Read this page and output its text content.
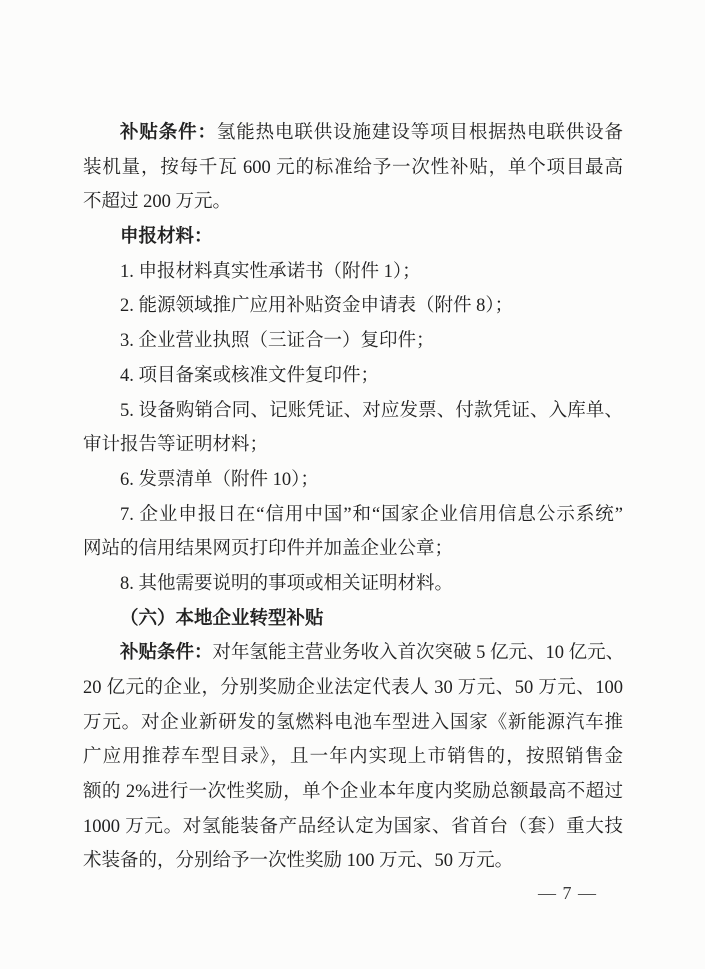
补贴条件：氢能热电联供设施建设等项目根据热电联供设备
装机量，按每千瓦 600 元的标准给予一次性补贴，单个项目最高
不超过 200 万元。
申报材料：
1. 申报材料真实性承诺书（附件 1）；
2. 能源领域推广应用补贴资金申请表（附件 8）；
3. 企业营业执照（三证合一）复印件；
4. 项目备案或核准文件复印件；
5. 设备购销合同、记账凭证、对应发票、付款凭证、入库单、
审计报告等证明材料；
6. 发票清单（附件 10）；
7. 企业申报日在“信用中国”和“国家企业信用信息公示系统”
网站的信用结果网页打印件并加盖企业公章；
8. 其他需要说明的事项或相关证明材料。
（六）本地企业转型补贴
补贴条件：对年氢能主营业务收入首次突破 5 亿元、10 亿元、
20 亿元的企业，分别奖励企业法定代表人 30 万元、50 万元、100
万元。对企业新研发的氢燃料电池车型进入国家《新能源汽车推
广应用推荐车型目录》，且一年内实现上市销售的，按照销售金
额的 2%进行一次性奖励，单个企业本年度内奖励总额最高不超过
1000 万元。对氢能装备产品经认定为国家、省首台（套）重大技
术装备的，分别给予一次性奖励 100 万元、50 万元。
— 7 —
